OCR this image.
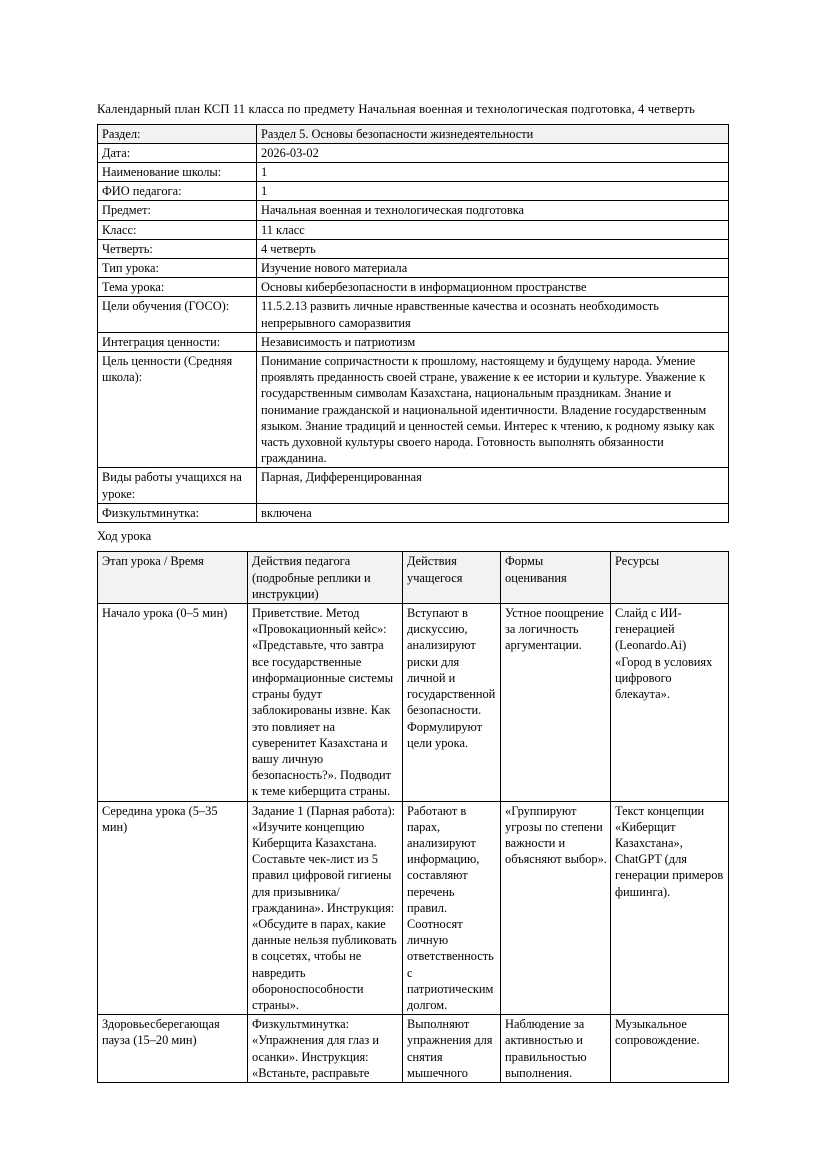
Календарный план КСП 11 класса по предмету Начальная военная и технологическая подготовка, 4 четверть

Раздел:	Раздел 5. Основы безопасности жизнедеятельности
Дата:	2026-03-02
Наименование школы:	1
ФИО педагога:	1
Предмет:	Начальная военная и технологическая подготовка
Класс:	11 класс
Четверть:	4 четверть
Тип урока:	Изучение нового материала
Тема урока:	Основы кибербезопасности в информационном пространстве
Цели обучения (ГОСО):	11.5.2.13 развить личные нравственные качества и осознать необходимость непрерывного саморазвития
Интеграция ценности:	Независимость и патриотизм
Цель ценности (Средняя школа):	Понимание сопричастности к прошлому, настоящему и будущему народа. Умение проявлять преданность своей стране, уважение к ее истории и культуре. Уважение к государственным символам Казахстана, национальным праздникам. Знание и понимание гражданской и национальной идентичности. Владение государственным языком. Знание традиций и ценностей семьи. Интерес к чтению, к родному языку как часть духовной культуры своего народа. Готовность выполнять обязанности гражданина.
Виды работы учащихся на уроке:	Парная, Дифференцированная
Физкультминутка:	включена

Ход урока

Этап урока / Время	Действия педагога (подробные реплики и инструкции)	Действия учащегося	Формы оценивания	Ресурсы
Начало урока (0–5 мин)	Приветствие. Метод «Провокационный кейс»: «Представьте, что завтра все государственные информационные системы страны будут заблокированы извне. Как это повлияет на суверенитет Казахстана и вашу личную безопасность?». Подводит к теме киберщита страны.	Вступают в дискуссию, анализируют риски для личной и государственной безопасности. Формулируют цели урока.	Устное поощрение за логичность аргументации.	Слайд с ИИ-генерацией (Leonardo.Ai) «Город в условиях цифрового блекаута».
Середина урока (5–35 мин)	Задание 1 (Парная работа): «Изучите концепцию Киберщита Казахстана. Составьте чек-лист из 5 правил цифровой гигиены для призывника/гражданина». Инструкция: «Обсудите в парах, какие данные нельзя публиковать в соцсетях, чтобы не навредить обороноспособности страны».	Работают в парах, анализируют информацию, составляют перечень правил. Соотносят личную ответственность с патриотическим долгом.	«Группируют угрозы по степени важности и объясняют выбор».	Текст концепции «Киберщит Казахстана», ChatGPT (для генерации примеров фишинга).
Здоровьесберегающая пауза (15–20 мин)	Физкультминутка: «Упражнения для глаз и осанки». Инструкция: «Встаньте, расправьте	Выполняют упражнения для снятия мышечного	Наблюдение за активностью и правильностью выполнения.	Музыкальное сопровождение.
